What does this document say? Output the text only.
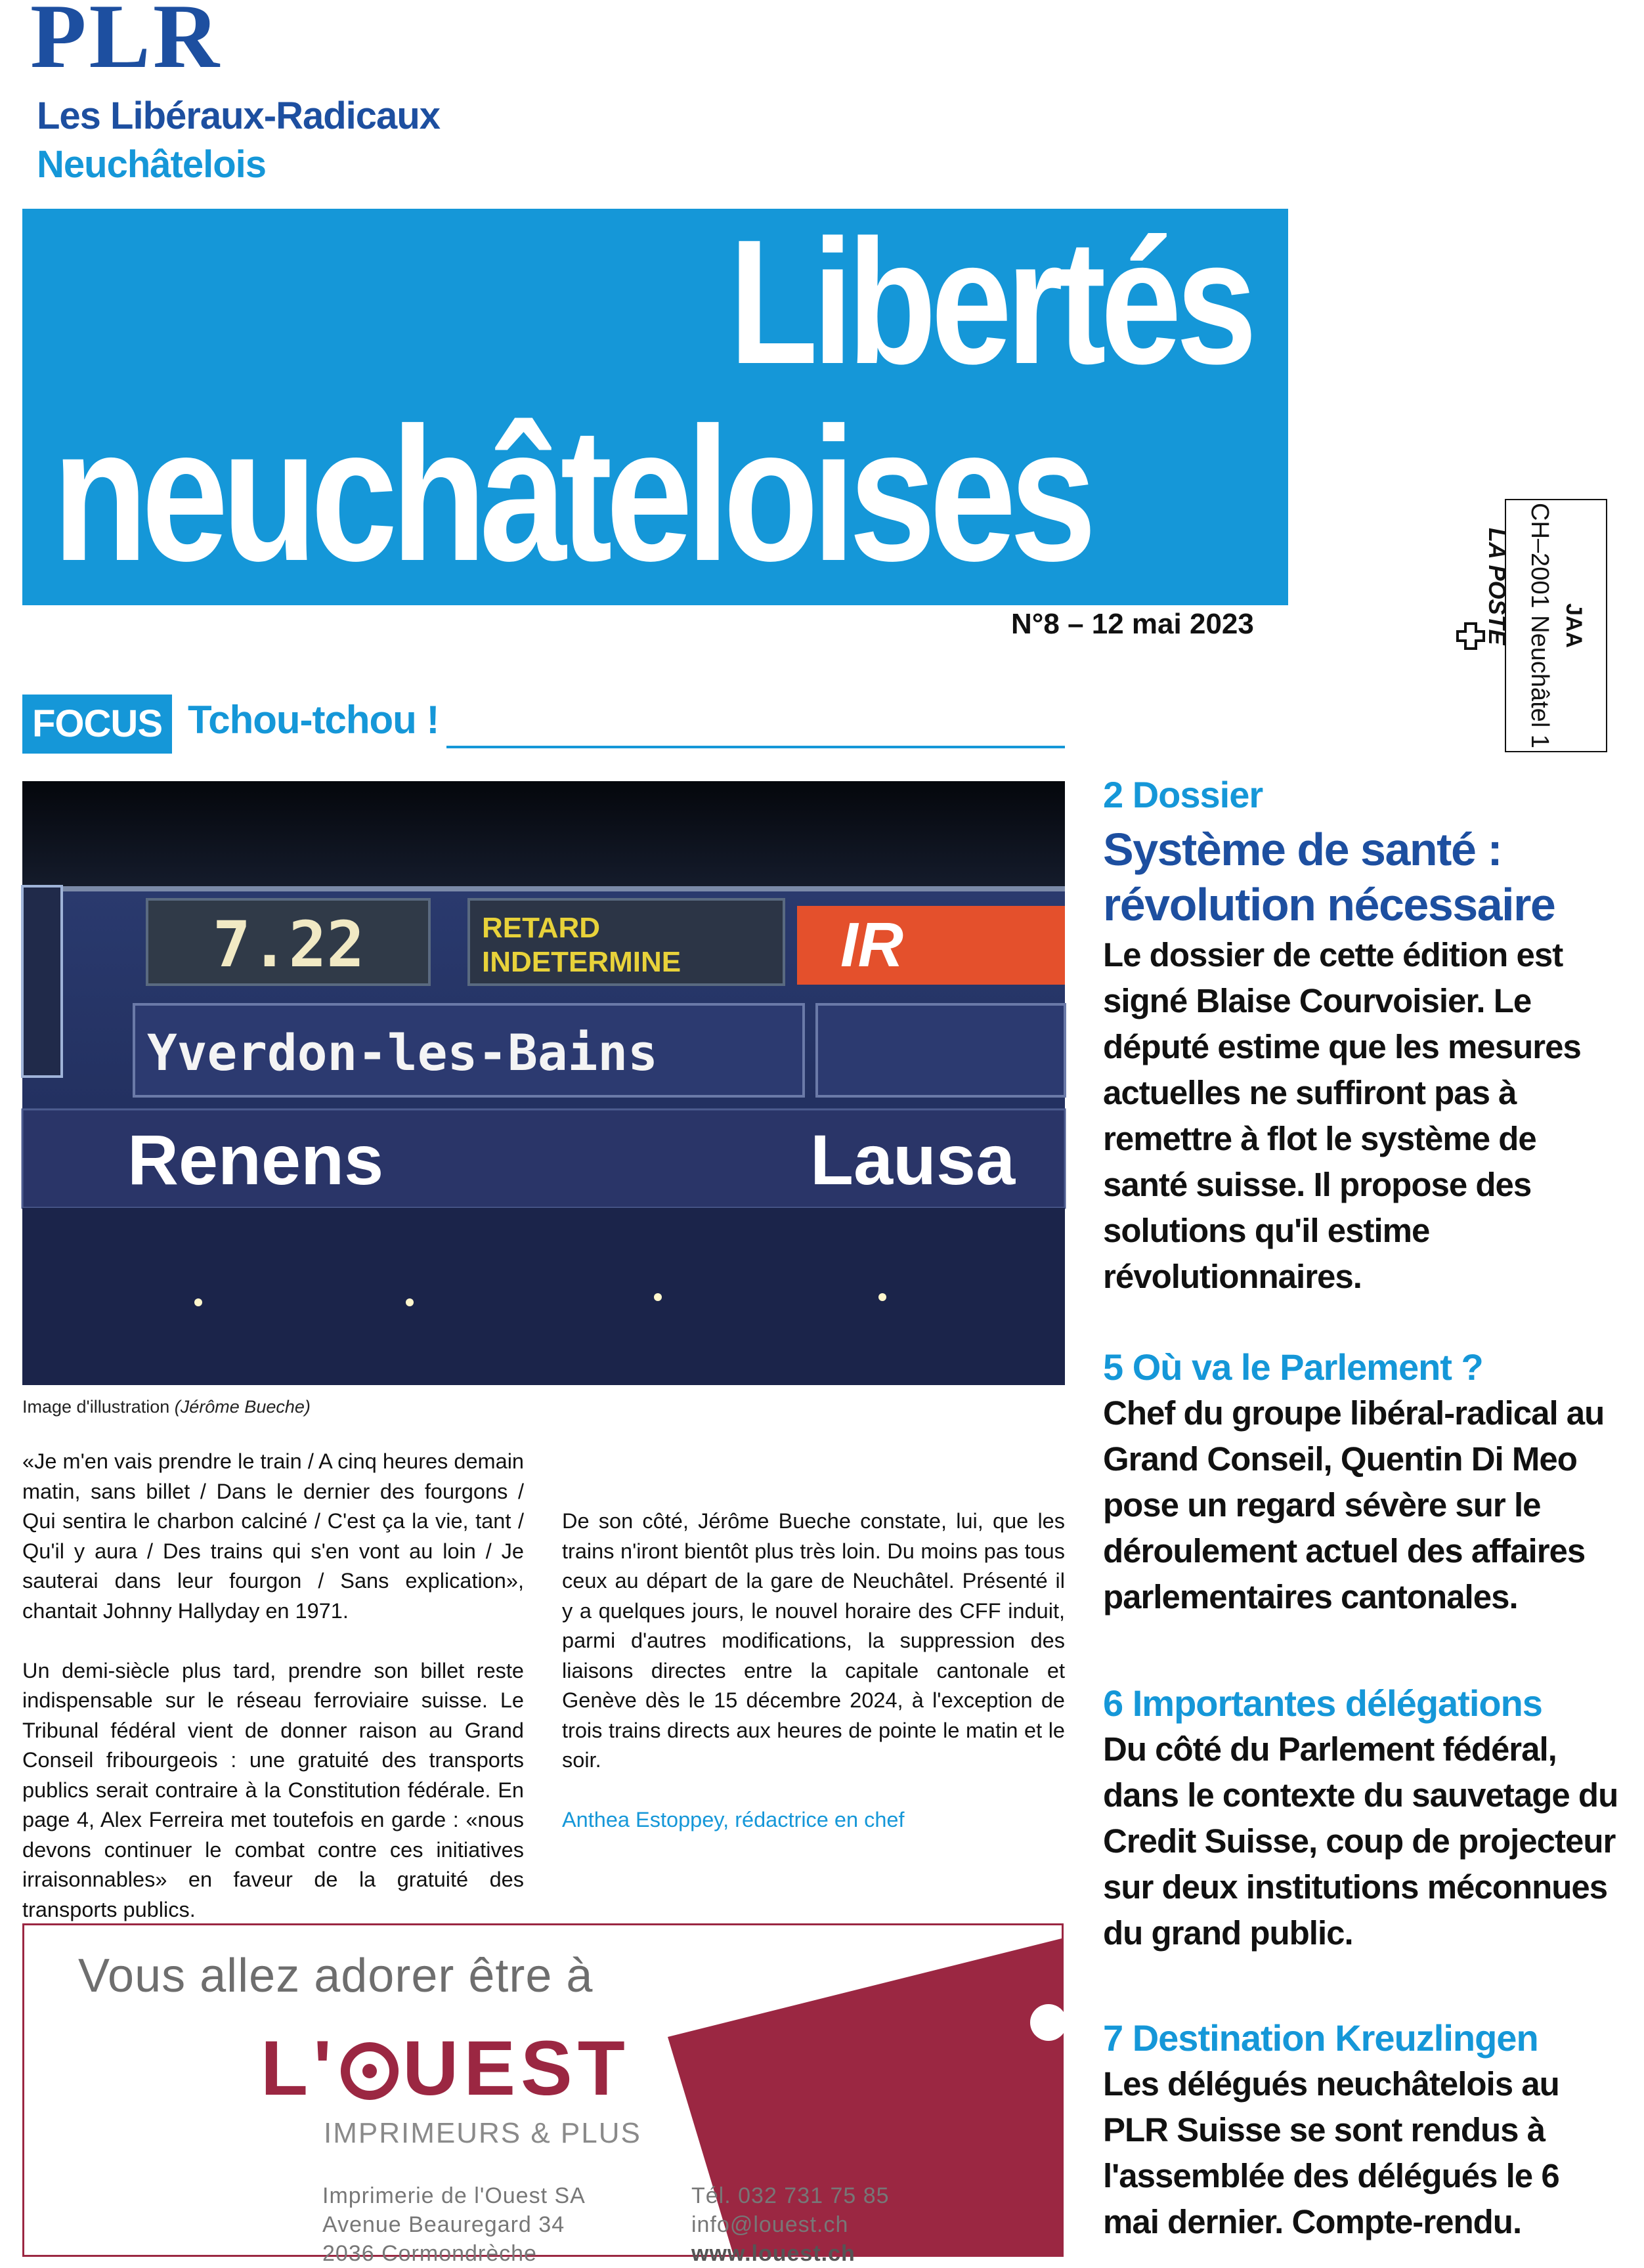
PLR
Les Libéraux-Radicaux
Neuchâtelois
Libertés
neuchâteloises
N°8 – 12 mai 2023	LA POSTE JAA
CH–2001 Neuchâtel 1
FOCUS Tchou-tchou !
7.22	RETARD
INDETERMINE	IR
Yverdon-les-Bains
Renens	Lausa
Image d'illustration (Jérôme Bueche)

«Je m'en vais prendre le train / A cinq heures demain matin, sans billet / Dans le dernier des fourgons / Qui sentira le charbon calciné / C'est ça la vie, tant / Qu'il y aura / Des trains qui s'en vont au loin / Je sauterai dans leur fourgon / Sans explication», chantait Johnny Hallyday en 1971.

Un demi-siècle plus tard, prendre son billet reste indispensable sur le réseau ferroviaire suisse. Le Tribunal fédéral vient de donner raison au Grand Conseil fribourgeois : une gratuité des transports publics serait contraire à la Constitution fédérale. En page 4, Alex Ferreira met toutefois en garde : «nous devons continuer le combat contre ces initiatives irraisonnables» en faveur de la gratuité des transports publics.

De son côté, Jérôme Bueche constate, lui, que les trains n'iront bientôt plus très loin. Du moins pas tous ceux au départ de la gare de Neuchâtel. Présenté il y a quelques jours, le nouvel horaire des CFF induit, parmi d'autres modifications, la suppression des liaisons directes entre la capitale cantonale et Genève dès le 15 décembre 2024, à l'exception de trois trains directs aux heures de pointe le matin et le soir.

Anthea Estoppey, rédactrice en chef

2 Dossier
Système de santé : révolution nécessaire
Le dossier de cette édition est signé Blaise Courvoisier. Le député estime que les mesures actuelles ne suffiront pas à remettre à flot le système de santé suisse. Il propose des solutions qu'il estime révolutionnaires.
5 Où va le Parlement ?
Chef du groupe libéral-radical au Grand Conseil, Quentin Di Meo pose un regard sévère sur le déroulement actuel des affaires parlementaires cantonales.
6 Importantes délégations
Du côté du Parlement fédéral, dans le contexte du sauvetage du Credit Suisse, coup de projecteur sur deux institutions méconnues du grand public.
7 Destination Kreuzlingen
Les délégués neuchâtelois au PLR Suisse se sont rendus à l'assemblée des délégués le 6 mai dernier. Compte-rendu.
Vous allez adorer être à
L' UEST
IMPRIMEURS & PLUS
Imprimerie de l'Ouest SA
Avenue Beauregard 34
2036 Cormondrèche
Tél. 032 731 75 85
info@louest.ch
www.louest.ch
